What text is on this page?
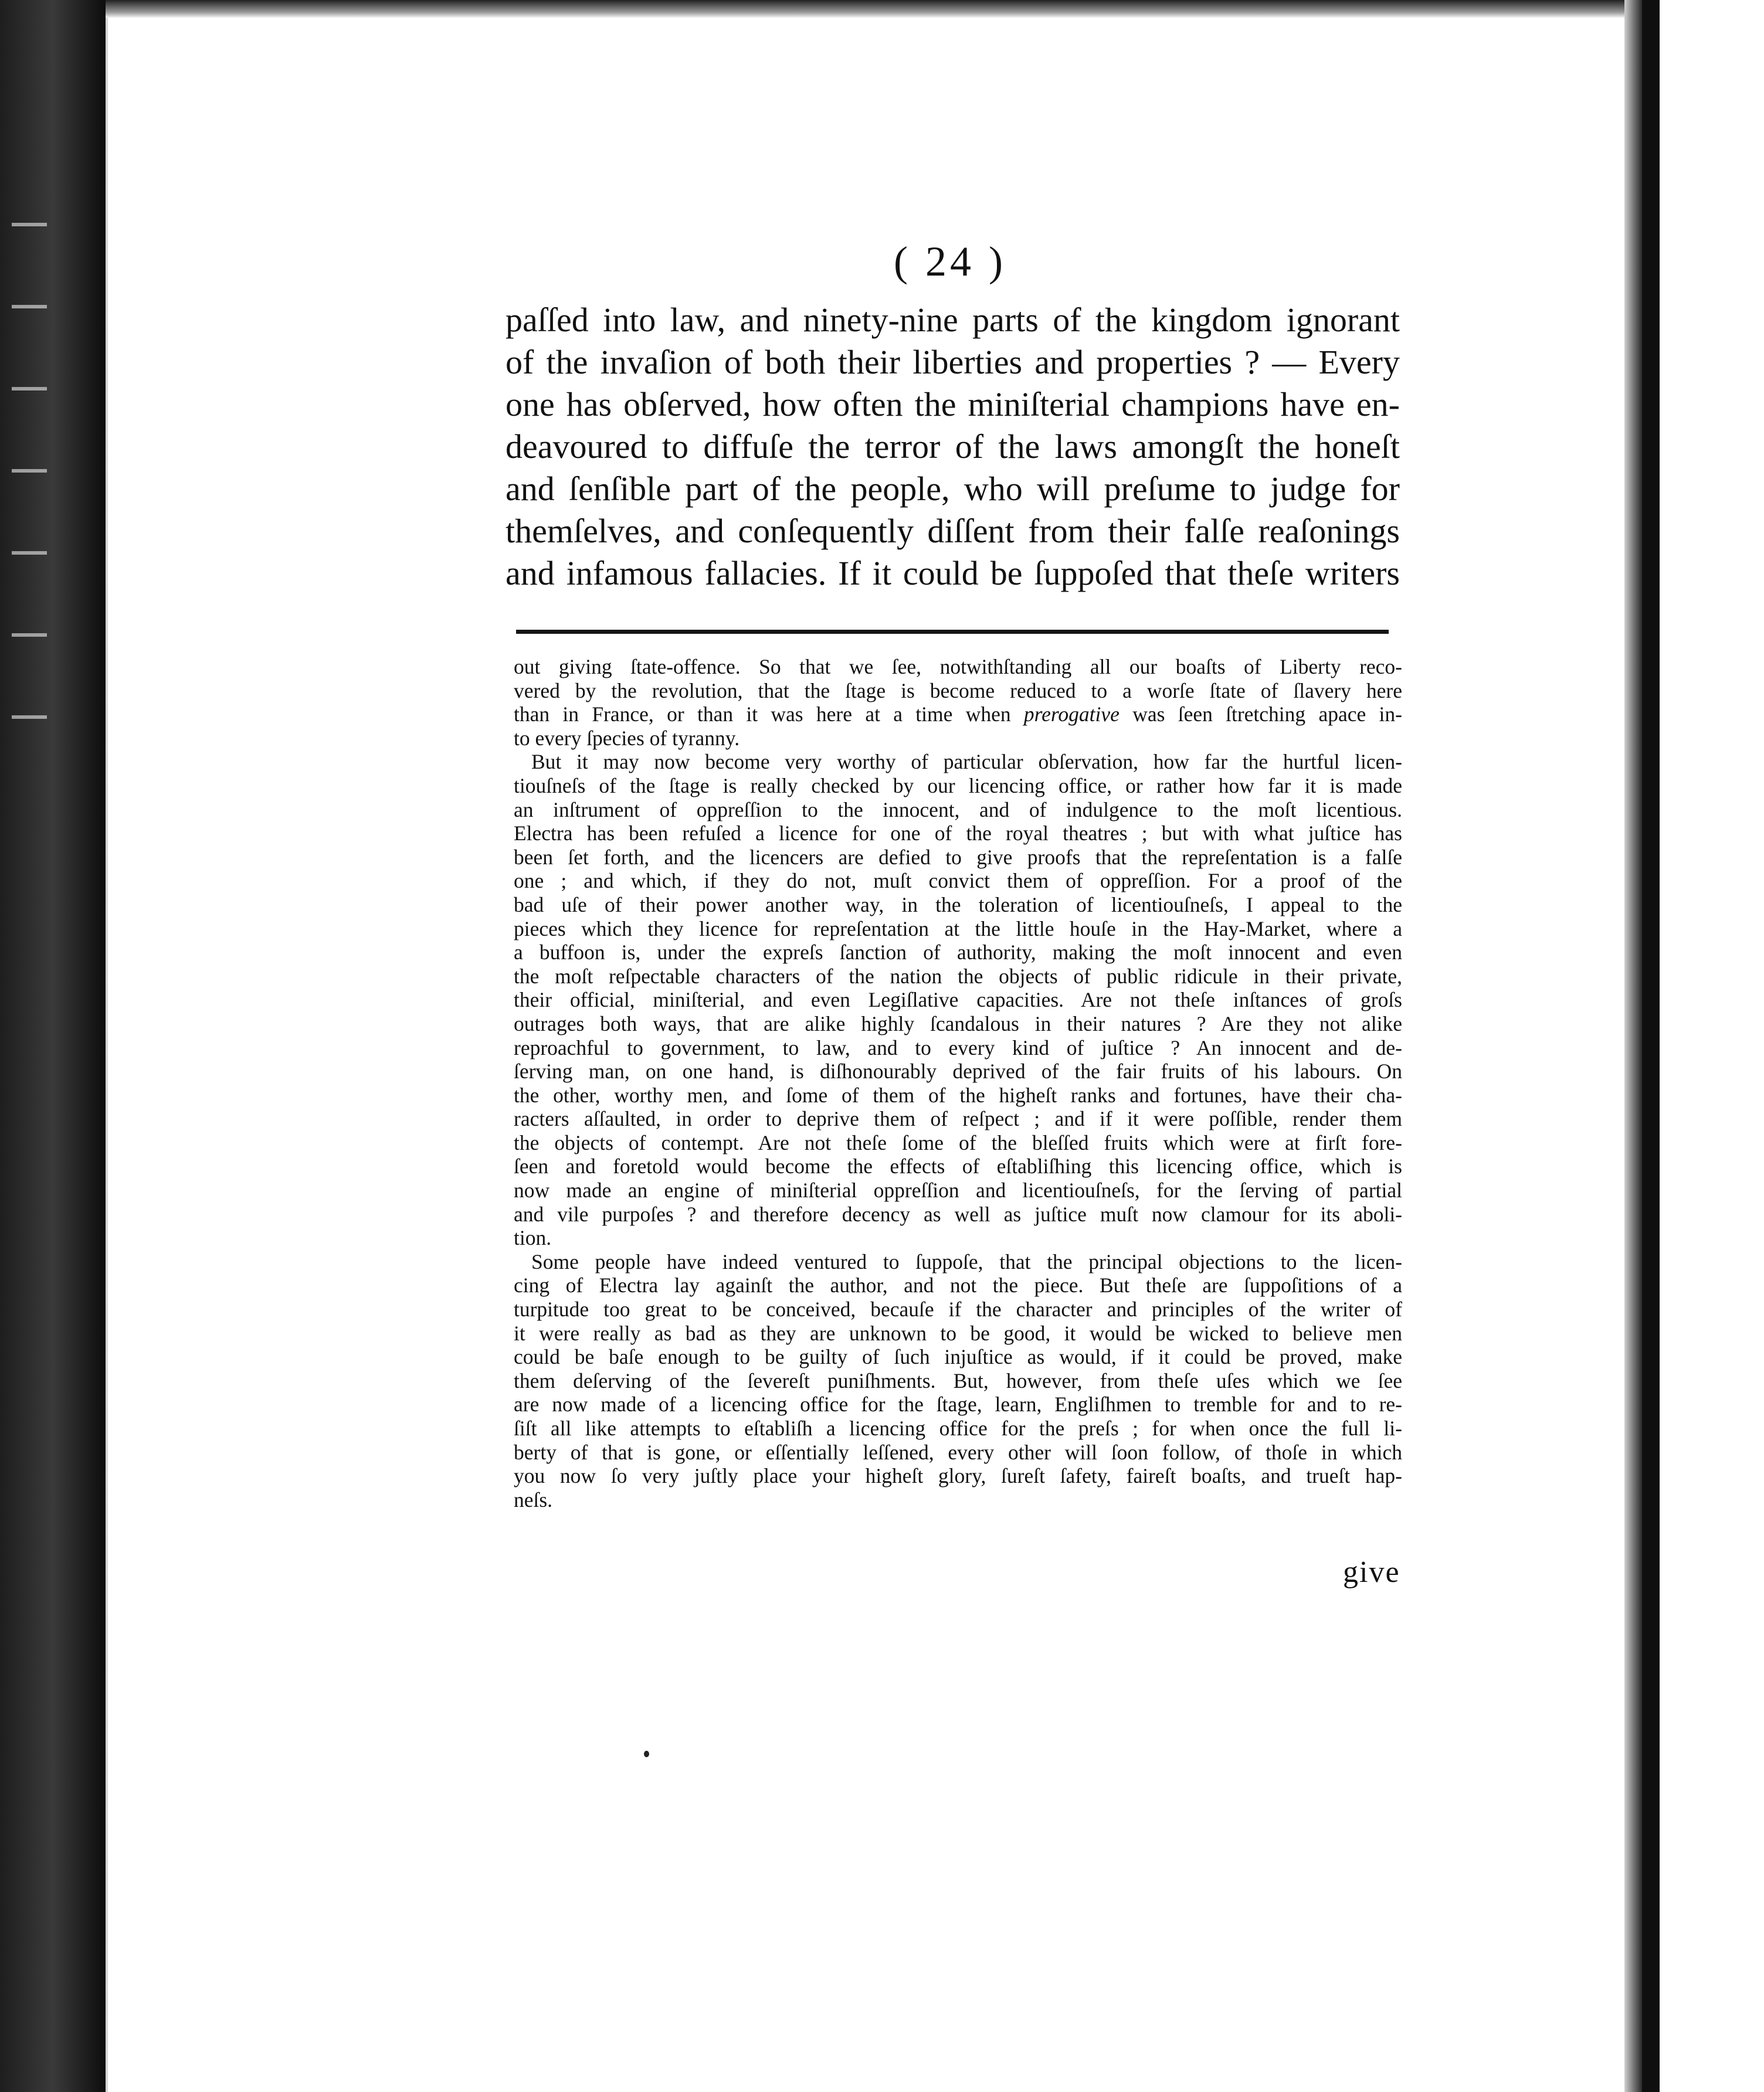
( 24 )
paſſed into law, and ninety-nine parts of the kingdom ignorant
of the invaſion of both their liberties and properties ? — Every
one has obſerved, how often the miniſterial champions have en-
deavoured to diffuſe the terror of the laws amongſt the honeſt
and ſenſible part of the people, who will preſume to judge for
themſelves, and conſequently diſſent from their falſe reaſonings
and infamous fallacies. If it could be ſuppoſed that theſe writers
out giving ſtate-offence. So that we ſee, notwithſtanding all our boaſts of Liberty reco-
vered by the revolution, that the ſtage is become reduced to a worſe ſtate of ſlavery here
than in France, or than it was here at a time when prerogative was ſeen ſtretching apace in-
to every ſpecies of tyranny.
But it may now become very worthy of particular obſervation, how far the hurtful licen-
tiouſneſs of the ſtage is really checked by our licencing office, or rather how far it is made
an inſtrument of oppreſſion to the innocent, and of indulgence to the moſt licentious.
Electra has been refuſed a licence for one of the royal theatres ; but with what juſtice has
been ſet forth, and the licencers are defied to give proofs that the repreſentation is a falſe
one ; and which, if they do not, muſt convict them of oppreſſion. For a proof of the
bad uſe of their power another way, in the toleration of licentiouſneſs, I appeal to the
pieces which they licence for repreſentation at the little houſe in the Hay-Market, where a
a buffoon is, under the expreſs ſanction of authority, making the moſt innocent and even
the moſt reſpectable characters of the nation the objects of public ridicule in their private,
their official, miniſterial, and even Legiſlative capacities. Are not theſe inſtances of groſs
outrages both ways, that are alike highly ſcandalous in their natures ? Are they not alike
reproachful to government, to law, and to every kind of juſtice ? An innocent and de-
ſerving man, on one hand, is diſhonourably deprived of the fair fruits of his labours. On
the other, worthy men, and ſome of them of the higheſt ranks and fortunes, have their cha-
racters aſſaulted, in order to deprive them of reſpect ; and if it were poſſible, render them
the objects of contempt. Are not theſe ſome of the bleſſed fruits which were at firſt fore-
ſeen and foretold would become the effects of eſtabliſhing this licencing office, which is
now made an engine of miniſterial oppreſſion and licentiouſneſs, for the ſerving of partial
and vile purpoſes ? and therefore decency as well as juſtice muſt now clamour for its aboli-
tion.
Some people have indeed ventured to ſuppoſe, that the principal objections to the licen-
cing of Electra lay againſt the author, and not the piece. But theſe are ſuppoſitions of a
turpitude too great to be conceived, becauſe if the character and principles of the writer of
it were really as bad as they are unknown to be good, it would be wicked to believe men
could be baſe enough to be guilty of ſuch injuſtice as would, if it could be proved, make
them deſerving of the ſevereſt puniſhments. But, however, from theſe uſes which we ſee
are now made of a licencing office for the ſtage, learn, Engliſhmen to tremble for and to re-
ſiſt all like attempts to eſtabliſh a licencing office for the preſs ; for when once the full li-
berty of that is gone, or eſſentially leſſened, every other will ſoon follow, of thoſe in which
you now ſo very juſtly place your higheſt glory, ſureſt ſafety, faireſt boaſts, and trueſt hap-
neſs.
give
